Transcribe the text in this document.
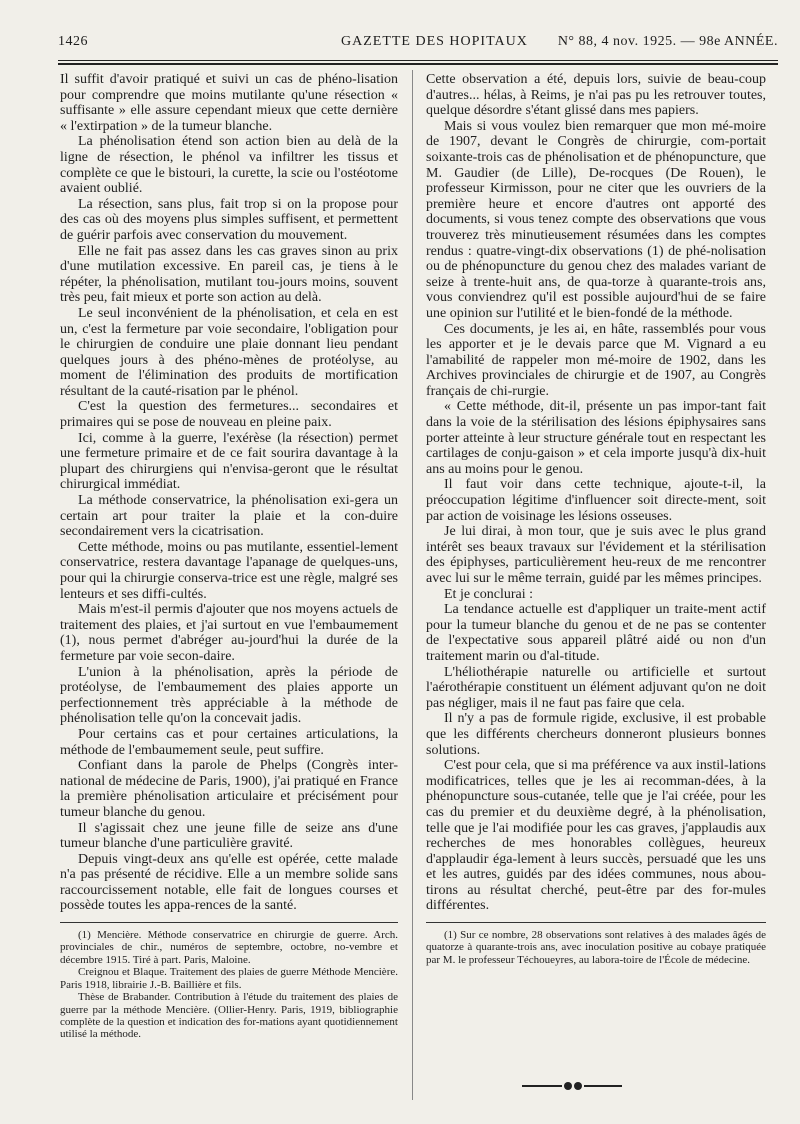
1426	GAZETTE DES HOPITAUX N° 88, 4 nov. 1925. — 98e ANNÉE.

Il suffit d'avoir pratiqué et suivi un cas de phéno-lisation pour comprendre que moins mutilante qu'une résection « suffisante » elle assure cependant mieux que cette dernière « l'extirpation » de la tumeur blanche.

La phénolisation étend son action bien au delà de la ligne de résection, le phénol va infiltrer les tissus et complète ce que le bistouri, la curette, la scie ou l'ostéotome avaient oublié.

La résection, sans plus, fait trop si on la propose pour des cas où des moyens plus simples suffisent, et permettent de guérir parfois avec conservation du mouvement.

Elle ne fait pas assez dans les cas graves sinon au prix d'une mutilation excessive. En pareil cas, je tiens à le répéter, la phénolisation, mutilant tou-jours moins, souvent très peu, fait mieux et porte son action au delà.

Le seul inconvénient de la phénolisation, et cela en est un, c'est la fermeture par voie secondaire, l'obligation pour le chirurgien de conduire une plaie donnant lieu pendant quelques jours à des phéno-mènes de protéolyse, au moment de l'élimination des produits de mortification résultant de la cauté-risation par le phénol.

C'est la question des fermetures... secondaires et primaires qui se pose de nouveau en pleine paix.

Ici, comme à la guerre, l'exérèse (la résection) permet une fermeture primaire et de ce fait sourira davantage à la plupart des chirurgiens qui n'envisa-geront que le résultat chirurgical immédiat.

La méthode conservatrice, la phénolisation exi-gera un certain art pour traiter la plaie et la con-duire secondairement vers la cicatrisation.

Cette méthode, moins ou pas mutilante, essentiel-lement conservatrice, restera davantage l'apanage de quelques-uns, pour qui la chirurgie conserva-trice est une règle, malgré ses lenteurs et ses diffi-cultés.

Mais m'est-il permis d'ajouter que nos moyens actuels de traitement des plaies, et j'ai surtout en vue l'embaumement (1), nous permet d'abréger au-jourd'hui la durée de la fermeture par voie secon-daire.

L'union à la phénolisation, après la période de protéolyse, de l'embaumement des plaies apporte un perfectionnement très appréciable à la méthode de phénolisation telle qu'on la concevait jadis.

Pour certains cas et pour certaines articulations, la méthode de l'embaumement seule, peut suffire.

Confiant dans la parole de Phelps (Congrès inter-national de médecine de Paris, 1900), j'ai pratiqué en France la première phénolisation articulaire et précisément pour tumeur blanche du genou.

Il s'agissait chez une jeune fille de seize ans d'une tumeur blanche d'une particulière gravité.

Depuis vingt-deux ans qu'elle est opérée, cette malade n'a pas présenté de récidive. Elle a un membre solide sans raccourcissement notable, elle fait de longues courses et possède toutes les appa-rences de la santé.

(1) Mencière. Méthode conservatrice en chirurgie de guerre. Arch. provinciales de chir., numéros de septembre, octobre, no-vembre et décembre 1915. Tiré à part. Paris, Maloine.

Creignou et Blaque. Traitement des plaies de guerre Méthode Mencière. Paris 1918, librairie J.-B. Baillière et fils.

Thèse de Brabander. Contribution à l'étude du traitement des plaies de guerre par la méthode Mencière. (Ollier-Henry. Paris, 1919, bibliographie complète de la question et indication des for-mations ayant quotidiennement utilisé la méthode.

Cette observation a été, depuis lors, suivie de beau-coup d'autres... hélas, à Reims, je n'ai pas pu les retrouver toutes, quelque désordre s'étant glissé dans mes papiers.

Mais si vous voulez bien remarquer que mon mé-moire de 1907, devant le Congrès de chirurgie, com-portait soixante-trois cas de phénolisation et de phénopuncture, que M. Gaudier (de Lille), De-rocques (De Rouen), le professeur Kirmisson, pour ne citer que les ouvriers de la première heure et encore d'autres ont apporté des documents, si vous tenez compte des observations que vous trouverez très minutieusement résumées dans les comptes rendus : quatre-vingt-dix observations (1) de phé-nolisation ou de phénopuncture du genou chez des malades variant de seize à trente-huit ans, de qua-torze à quarante-trois ans, vous conviendrez qu'il est possible aujourd'hui de se faire une opinion sur l'utilité et le bien-fondé de la méthode.

Ces documents, je les ai, en hâte, rassemblés pour vous les apporter et je le devais parce que M. Vignard a eu l'amabilité de rappeler mon mé-moire de 1902, dans les Archives provinciales de chirurgie et de 1907, au Congrès français de chi-rurgie.

« Cette méthode, dit-il, présente un pas impor-tant fait dans la voie de la stérilisation des lésions épiphysaires sans porter atteinte à leur structure générale tout en respectant les cartilages de conju-gaison » et cela importe jusqu'à dix-huit ans au moins pour le genou.

Il faut voir dans cette technique, ajoute-t-il, la préoccupation légitime d'influencer soit directe-ment, soit par action de voisinage les lésions osseuses.

Je lui dirai, à mon tour, que je suis avec le plus grand intérêt ses beaux travaux sur l'évidement et la stérilisation des épiphyses, particulièrement heu-reux de me rencontrer avec lui sur le même terrain, guidé par les mêmes principes.

Et je conclurai :

La tendance actuelle est d'appliquer un traite-ment actif pour la tumeur blanche du genou et de ne pas se contenter de l'expectative sous appareil plâtré aidé ou non d'un traitement marin ou d'al-titude.

L'héliothérapie naturelle ou artificielle et surtout l'aérothérapie constituent un élément adjuvant qu'on ne doit pas négliger, mais il ne faut pas faire que cela.

Il n'y a pas de formule rigide, exclusive, il est probable que les différents chercheurs donneront plusieurs bonnes solutions.

C'est pour cela, que si ma préférence va aux instil-lations modificatrices, telles que je les ai recomman-dées, à la phénopuncture sous-cutanée, telle que je l'ai créée, pour les cas du premier et du deuxième degré, à la phénolisation, telle que je l'ai modifiée pour les cas graves, j'applaudis aux recherches de mes honorables collègues, heureux d'applaudir éga-lement à leurs succès, persuadé que les uns et les autres, guidés par des idées communes, nous abou-tirons au résultat cherché, peut-être par des for-mules différentes.

(1) Sur ce nombre, 28 observations sont relatives à des malades âgés de quatorze à quarante-trois ans, avec inoculation positive au cobaye pratiquée par M. le professeur Téchoueyres, au labora-toire de l'École de médecine.
